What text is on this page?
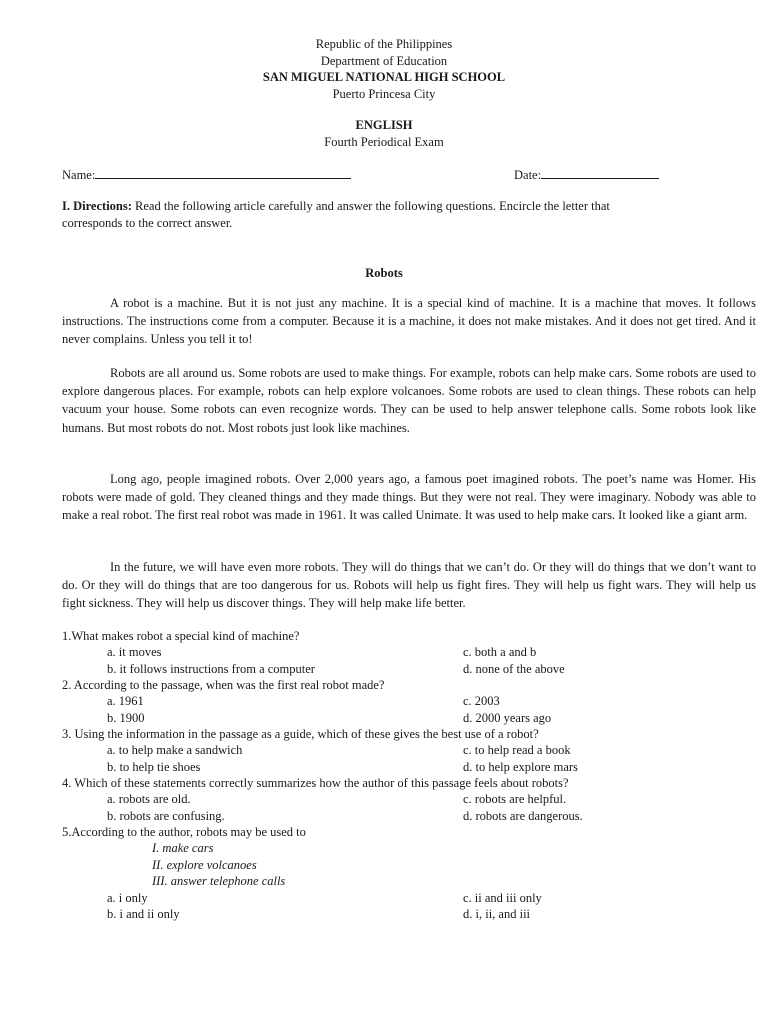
Republic of the Philippines
Department of Education
SAN MIGUEL NATIONAL HIGH SCHOOL
Puerto Princesa City
ENGLISH
Fourth Periodical Exam
Name:	Date:
I. Directions: Read the following article carefully and answer the following questions. Encircle the letter that
corresponds to the correct answer.
Robots

A robot is a machine. But it is not just any machine. It is a special kind of machine. It is a machine that moves. It follows instructions. The instructions come from a computer. Because it is a machine, it does not make mistakes. And it does not get tired. And it never complains. Unless you tell it to!

Robots are all around us. Some robots are used to make things. For example, robots can help make cars. Some robots are used to explore dangerous places. For example, robots can help explore volcanoes. Some robots are used to clean things. These robots can help vacuum your house. Some robots can even recognize words. They can be used to help answer telephone calls. Some robots look like humans. But most robots do not. Most robots just look like machines.

Long ago, people imagined robots. Over 2,000 years ago, a famous poet imagined robots. The poet’s name was Homer. His robots were made of gold. They cleaned things and they made things. But they were not real. They were imaginary. Nobody was able to make a real robot. The first real robot was made in 1961. It was called Unimate. It was used to help make cars. It looked like a giant arm.

In the future, we will have even more robots. They will do things that we can’t do. Or they will do things that we don’t want to do. Or they will do things that are too dangerous for us. Robots will help us fight fires. They will help us fight wars. They will help us fight sickness. They will help us discover things. They will help make life better.

1.What makes robot a special kind of machine?
a. it moves	c. both a and b
b. it follows instructions from a computer	d. none of the above
2. According to the passage, when was the first real robot made?
a. 1961	c. 2003
b. 1900	d. 2000 years ago
3. Using the information in the passage as a guide, which of these gives the best use of a robot?
a. to help make a sandwich	c. to help read a book
b. to help tie shoes	d. to help explore mars
4. Which of these statements correctly summarizes how the author of this passage feels about robots?
a. robots are old.	c. robots are helpful.
b. robots are confusing.	d. robots are dangerous.
5.According to the author, robots may be used to
I. make cars
II. explore volcanoes
III. answer telephone calls
a. i only	c. ii and iii only
b. i and ii only	d. i, ii, and iii
